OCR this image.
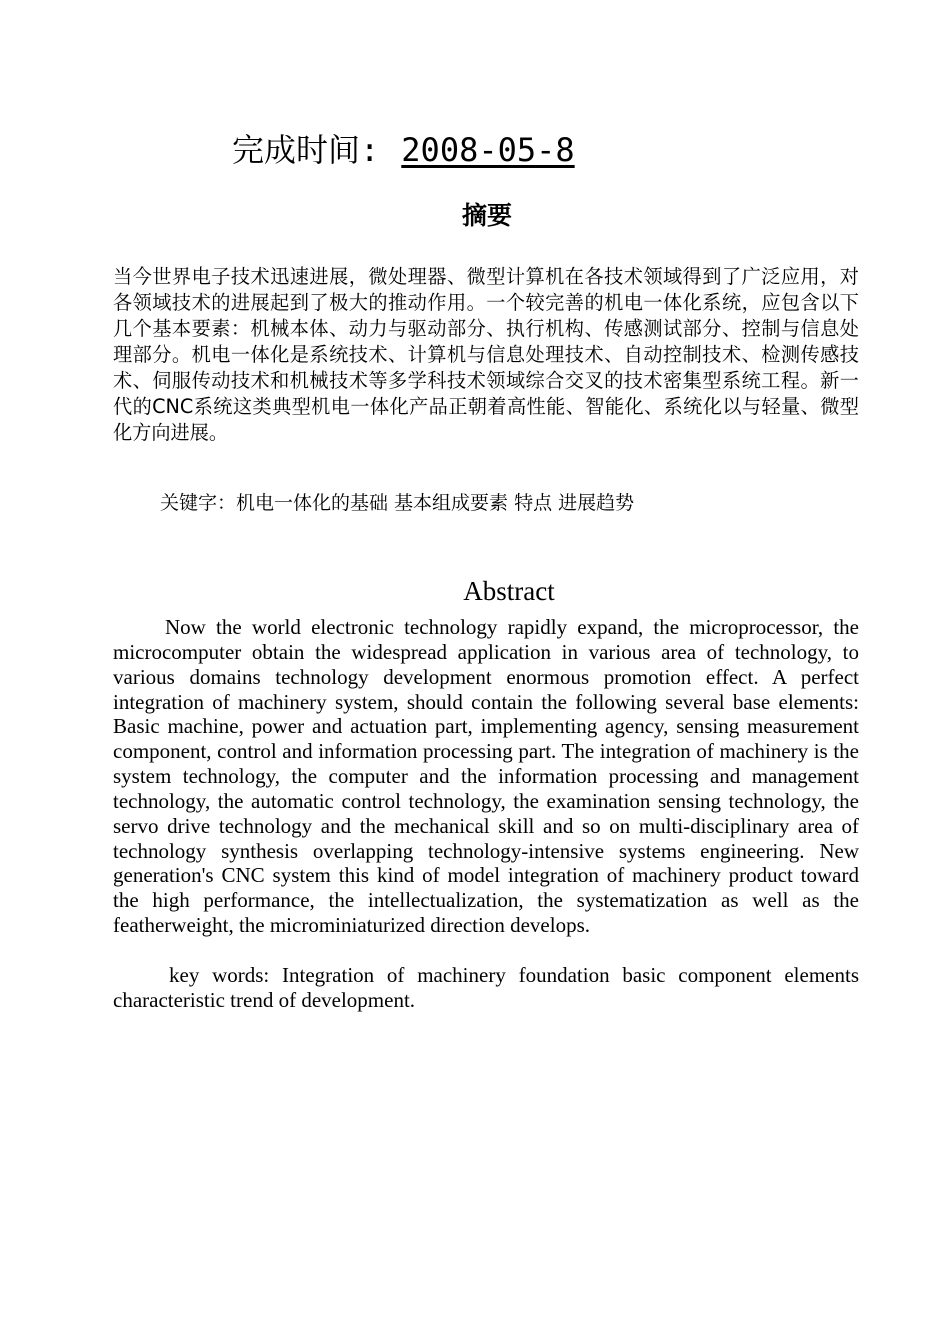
完成时间: 2008-05-8
摘要
当今世界电子技术迅速进展，微处理器、微型计算机在各技术领域得到了广泛应用，对各领域技术的进展起到了极大的推动作用。一个较完善的机电一体化系统，应包含以下几个基本要素：机械本体、动力与驱动部分、执行机构、传感测试部分、控制与信息处理部分。机电一体化是系统技术、计算机与信息处理技术、自动控制技术、检测传感技术、伺服传动技术和机械技术等多学科技术领域综合交叉的技术密集型系统工程。新一代的CNC系统这类典型机电一体化产品正朝着高性能、智能化、系统化以与轻量、微型化方向进展。
关键字：机电一体化的基础 基本组成要素 特点 进展趋势
Abstract

Now the world electronic technology rapidly expand, the microprocessor, the microcomputer obtain the widespread application in various area of technology, to various domains technology development enormous promotion effect. A perfect integration of machinery system, should contain the following several base elements: Basic machine, power and actuation part, implementing agency, sensing measurement component, control and information processing part. The integration of machinery is the system technology, the computer and the information processing and management technology, the automatic control technology, the examination sensing technology, the servo drive technology and the mechanical skill and so on multi-disciplinary area of technology synthesis overlapping technology-intensive systems engineering. New generation's CNC system this kind of model integration of machinery product toward the high performance, the intellectualization, the systematization as well as the featherweight, the microminiaturized direction develops.

key words: Integration of machinery foundation basic component elements characteristic trend of development.
